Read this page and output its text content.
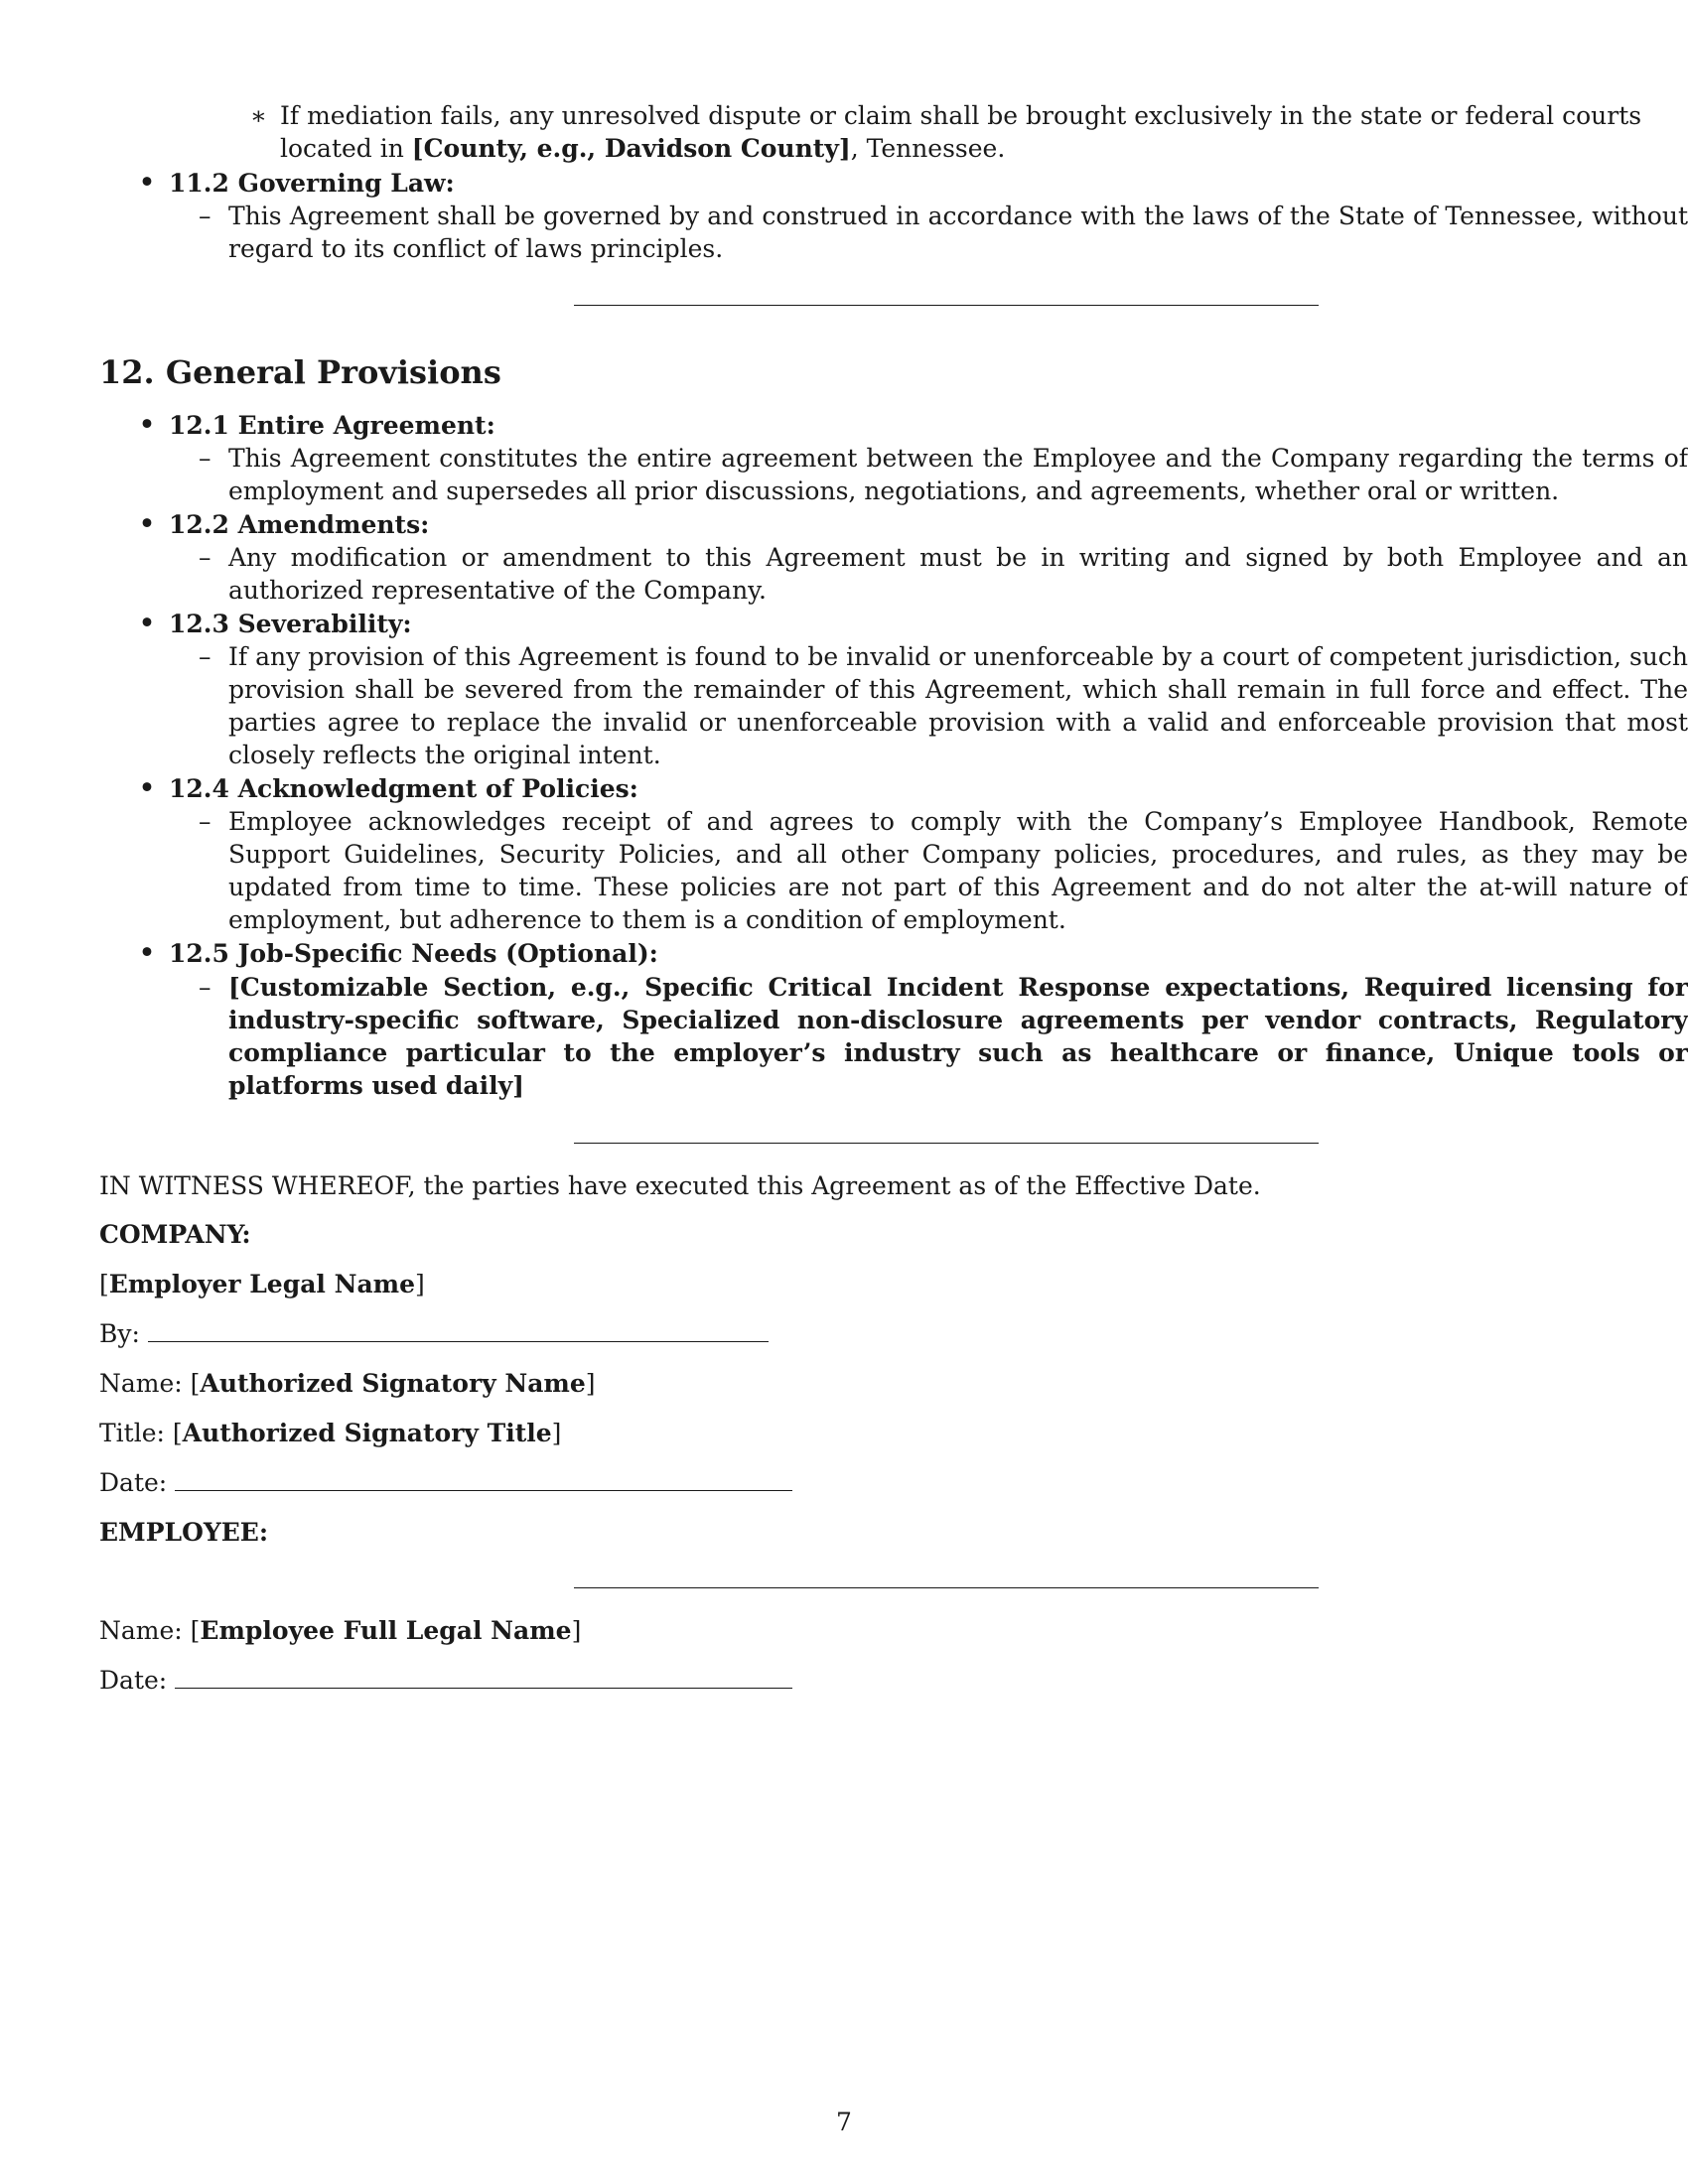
∗ If mediation fails, any unresolved dispute or claim shall be brought exclusively in the state or federal courts located in [County, e.g., Davidson County], Tennessee.
• 11.2 Governing Law:
– This Agreement shall be governed by and construed in accordance with the laws of the State of Tennessee, without regard to its conflict of laws principles.
12. General Provisions
• 12.1 Entire Agreement:
– This Agreement constitutes the entire agreement between the Employee and the Company regarding the terms of employment and supersedes all prior discussions, negotiations, and agreements, whether oral or written.
• 12.2 Amendments:
– Any modification or amendment to this Agreement must be in writing and signed by both Employee and an authorized representative of the Company.
• 12.3 Severability:
– If any provision of this Agreement is found to be invalid or unenforceable by a court of competent jurisdiction, such provision shall be severed from the remainder of this Agreement, which shall remain in full force and effect. The parties agree to replace the invalid or unenforceable provision with a valid and enforceable provision that most closely reflects the original intent.
• 12.4 Acknowledgment of Policies:
– Employee acknowledges receipt of and agrees to comply with the Company’s Employee Handbook, Remote Support Guidelines, Security Policies, and all other Company policies, procedures, and rules, as they may be updated from time to time. These policies are not part of this Agreement and do not alter the at-will nature of employment, but adherence to them is a condition of employment.
• 12.5 Job-Specific Needs (Optional):
– [Customizable Section, e.g., Specific Critical Incident Response expectations, Required licensing for industry-specific software, Specialized non-disclosure agreements per vendor contracts, Regulatory compliance particular to the employer’s industry such as healthcare or finance, Unique tools or platforms used daily]
IN WITNESS WHEREOF, the parties have executed this Agreement as of the Effective Date.
COMPANY:
[Employer Legal Name]
By:
Name: [Authorized Signatory Name]
Title: [Authorized Signatory Title]
Date:
EMPLOYEE:
Name: [Employee Full Legal Name]
Date:
7
